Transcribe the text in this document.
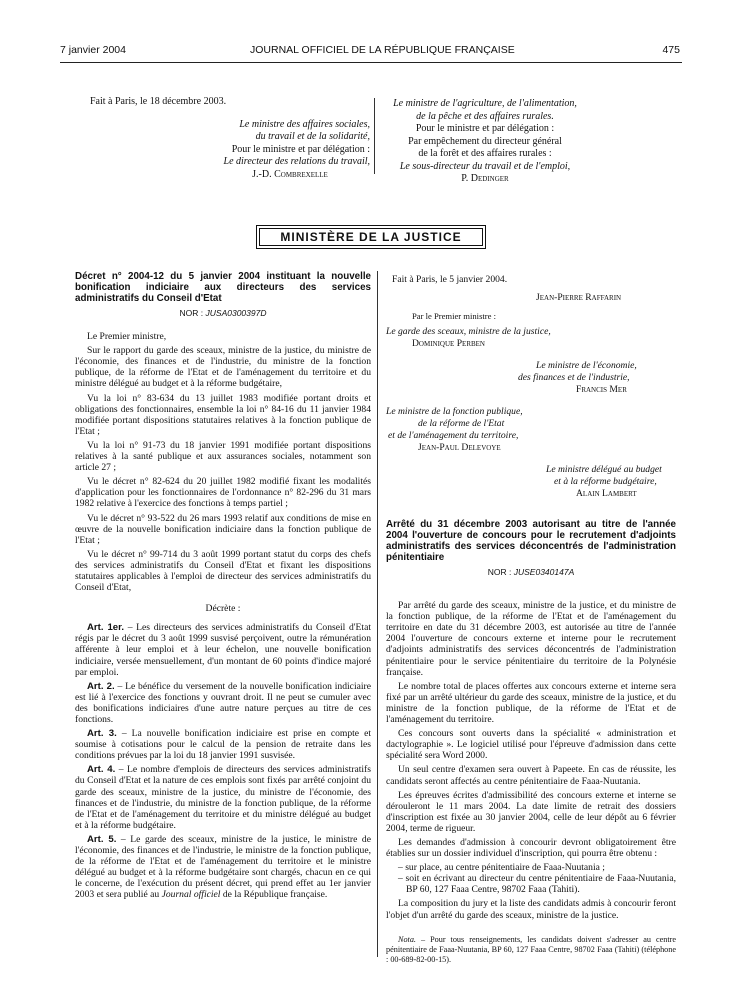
7 janvier 2004	JOURNAL OFFICIEL DE LA RÉPUBLIQUE FRANÇAISE	475
Fait à Paris, le 18 décembre 2003.
Le ministre des affaires sociales,
du travail et de la solidarité,
Pour le ministre et par délégation :
Le directeur des relations du travail,
J.-D. Combrexelle
Le ministre de l'agriculture, de l'alimentation,
de la pêche et des affaires rurales.
Pour le ministre et par délégation :
Par empêchement du directeur général
de la forêt et des affaires rurales :
Le sous-directeur du travail et de l'emploi,
P. Dedinger
MINISTÈRE DE LA JUSTICE
Décret n° 2004-12 du 5 janvier 2004 instituant la nouvelle bonification indiciaire aux directeurs des services administratifs du Conseil d'Etat
NOR : JUSA0300397D

Le Premier ministre,

Sur le rapport du garde des sceaux, ministre de la justice, du ministre de l'économie, des finances et de l'industrie, du ministre de la fonction publique, de la réforme de l'Etat et de l'aménagement du territoire et du ministre délégué au budget et à la réforme budgétaire,

Vu la loi n° 83-634 du 13 juillet 1983 modifiée portant droits et obligations des fonctionnaires, ensemble la loi n° 84-16 du 11 janvier 1984 modifiée portant dispositions statutaires relatives à la fonction publique de l'Etat ;

Vu la loi n° 91-73 du 18 janvier 1991 modifiée portant dispositions relatives à la santé publique et aux assurances sociales, notamment son article 27 ;

Vu le décret n° 82-624 du 20 juillet 1982 modifié fixant les modalités d'application pour les fonctionnaires de l'ordonnance n° 82-296 du 31 mars 1982 relative à l'exercice des fonctions à temps partiel ;

Vu le décret n° 93-522 du 26 mars 1993 relatif aux conditions de mise en œuvre de la nouvelle bonification indiciaire dans la fonction publique de l'Etat ;

Vu le décret n° 99-714 du 3 août 1999 portant statut du corps des chefs des services administratifs du Conseil d'Etat et fixant les dispositions statutaires applicables à l'emploi de directeur des services administratifs du Conseil d'Etat,

Décrète :

Art. 1er. – Les directeurs des services administratifs du Conseil d'Etat régis par le décret du 3 août 1999 susvisé perçoivent, outre la rémunération afférente à leur emploi et à leur échelon, une nouvelle bonification indiciaire, versée mensuellement, d'un montant de 60 points d'indice majoré par emploi.

Art. 2. – Le bénéfice du versement de la nouvelle bonification indiciaire est lié à l'exercice des fonctions y ouvrant droit. Il ne peut se cumuler avec des bonifications indiciaires d'une autre nature perçues au titre de ces fonctions.

Art. 3. – La nouvelle bonification indiciaire est prise en compte et soumise à cotisations pour le calcul de la pension de retraite dans les conditions prévues par la loi du 18 janvier 1991 susvisée.

Art. 4. – Le nombre d'emplois de directeurs des services administratifs du Conseil d'Etat et la nature de ces emplois sont fixés par arrêté conjoint du garde des sceaux, ministre de la justice, du ministre de l'économie, des finances et de l'industrie, du ministre de la fonction publique, de la réforme de l'Etat et de l'aménagement du territoire et du ministre délégué au budget et à la réforme budgétaire.

Art. 5. – Le garde des sceaux, ministre de la justice, le ministre de l'économie, des finances et de l'industrie, le ministre de la fonction publique, de la réforme de l'Etat et de l'aménagement du territoire et le ministre délégué au budget et à la réforme budgétaire sont chargés, chacun en ce qui le concerne, de l'exécution du présent décret, qui prend effet au 1er janvier 2003 et sera publié au Journal officiel de la République française.

Fait à Paris, le 5 janvier 2004.
Jean-Pierre Raffarin
Par le Premier ministre :
Le garde des sceaux, ministre de la justice,
Dominique Perben
Le ministre de l'économie,
des finances et de l'industrie,
Francis Mer
Le ministre de la fonction publique,
de la réforme de l'Etat
et de l'aménagement du territoire,
Jean-Paul Delevoye
Le ministre délégué au budget
et à la réforme budgétaire,
Alain Lambert
Arrêté du 31 décembre 2003 autorisant au titre de l'année 2004 l'ouverture de concours pour le recrutement d'adjoints administratifs des services déconcentrés de l'administration pénitentiaire
NOR : JUSE0340147A

Par arrêté du garde des sceaux, ministre de la justice, et du ministre de la fonction publique, de la réforme de l'Etat et de l'aménagement du territoire en date du 31 décembre 2003, est autorisée au titre de l'année 2004 l'ouverture de concours externe et interne pour le recrutement d'adjoints administratifs des services déconcentrés de l'administration pénitentiaire pour le service pénitentiaire du territoire de la Polynésie française.

Le nombre total de places offertes aux concours externe et interne sera fixé par un arrêté ultérieur du garde des sceaux, ministre de la justice, et du ministre de la fonction publique, de la réforme de l'Etat et de l'aménagement du territoire.

Ces concours sont ouverts dans la spécialité « administration et dactylographie ». Le logiciel utilisé pour l'épreuve d'admission dans cette spécialité sera Word 2000.

Un seul centre d'examen sera ouvert à Papeete. En cas de réussite, les candidats seront affectés au centre pénitentiaire de Faaa-Nuutania.

Les épreuves écrites d'admissibilité des concours externe et interne se dérouleront le 11 mars 2004. La date limite de retrait des dossiers d'inscription est fixée au 30 janvier 2004, celle de leur dépôt au 6 février 2004, terme de rigueur.

Les demandes d'admission à concourir devront obligatoirement être établies sur un dossier individuel d'inscription, qui pourra être obtenu :

– sur place, au centre pénitentiaire de Faaa-Nuutania ;
– soit en écrivant au directeur du centre pénitentiaire de Faaa-Nuutania, BP 60, 127 Faaa Centre, 98702 Faaa (Tahiti).

La composition du jury et la liste des candidats admis à concourir feront l'objet d'un arrêté du garde des sceaux, ministre de la justice.

Nota. – Pour tous renseignements, les candidats doivent s'adresser au centre pénitentiaire de Faaa-Nuutania, BP 60, 127 Faaa Centre, 98702 Faaa (Tahiti) (téléphone : 00-689-82-00-15).
